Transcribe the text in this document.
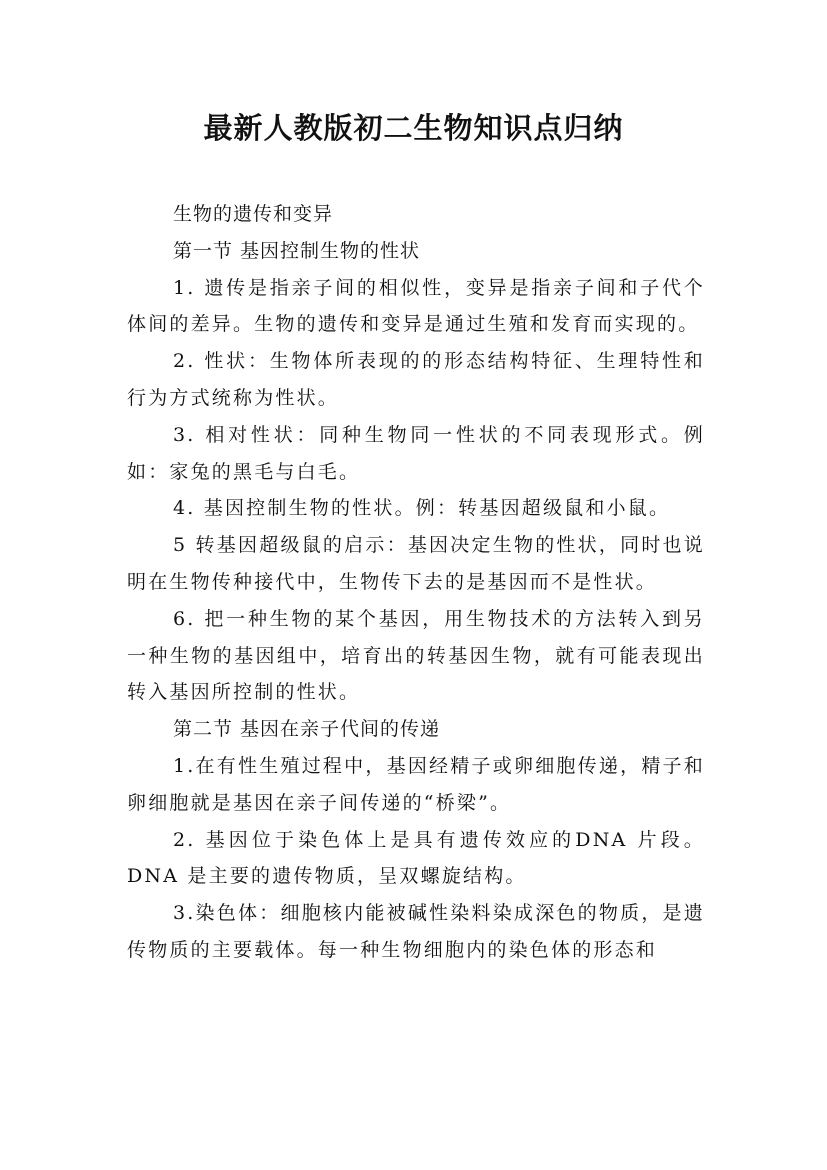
最新人教版初二生物知识点归纳

生物的遗传和变异

第一节 基因控制生物的性状

1. 遗传是指亲子间的相似性，变异是指亲子间和子代个体间的差异。生物的遗传和变异是通过生殖和发育而实现的。

2. 性状：生物体所表现的的形态结构特征、生理特性和行为方式统称为性状。

3. 相对性状：同种生物同一性状的不同表现形式。例如：家兔的黑毛与白毛。

4. 基因控制生物的性状。例：转基因超级鼠和小鼠。

5 转基因超级鼠的启示：基因决定生物的性状，同时也说明在生物传种接代中，生物传下去的是基因而不是性状。

6. 把一种生物的某个基因，用生物技术的方法转入到另一种生物的基因组中，培育出的转基因生物，就有可能表现出转入基因所控制的性状。

第二节 基因在亲子代间的传递

1.在有性生殖过程中，基因经精子或卵细胞传递，精子和卵细胞就是基因在亲子间传递的“桥梁”。

2. 基因位于染色体上是具有遗传效应的DNA 片段。DNA 是主要的遗传物质，呈双螺旋结构。

3.染色体：细胞核内能被碱性染料染成深色的物质，是遗传物质的主要载体。每一种生物细胞内的染色体的形态和
